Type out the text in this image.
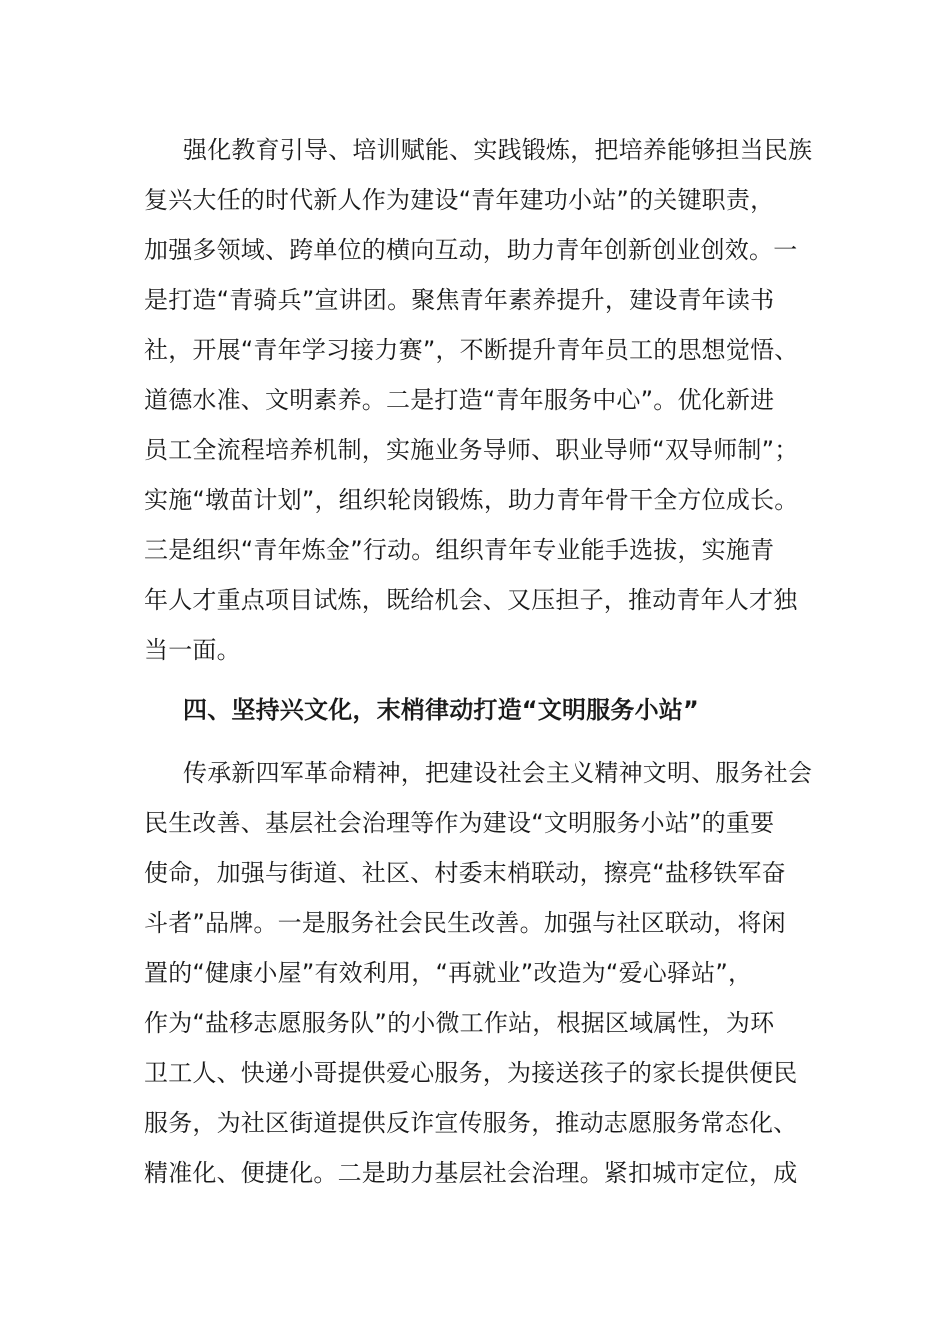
强化教育引导、培训赋能、实践锻炼，把培养能够担当民族
复兴大任的时代新人作为建设“青年建功小站”的关键职责，
加强多领域、跨单位的横向互动，助力青年创新创业创效。一
是打造“青骑兵”宣讲团。聚焦青年素养提升，建设青年读书
社，开展“青年学习接力赛”，不断提升青年员工的思想觉悟、
道德水准、文明素养。二是打造“青年服务中心”。优化新进
员工全流程培养机制，实施业务导师、职业导师“双导师制”；
实施“墩苗计划”，组织轮岗锻炼，助力青年骨干全方位成长。
三是组织“青年炼金”行动。组织青年专业能手选拔，实施青
年人才重点项目试炼，既给机会、又压担子，推动青年人才独
当一面。
四、坚持兴文化，末梢律动打造“文明服务小站”
传承新四军革命精神，把建设社会主义精神文明、服务社会
民生改善、基层社会治理等作为建设“文明服务小站”的重要
使命，加强与街道、社区、村委末梢联动，擦亮“盐移铁军奋
斗者”品牌。一是服务社会民生改善。加强与社区联动，将闲
置的“健康小屋”有效利用，“再就业”改造为“爱心驿站”，
作为“盐移志愿服务队”的小微工作站，根据区域属性，为环
卫工人、快递小哥提供爱心服务，为接送孩子的家长提供便民
服务，为社区街道提供反诈宣传服务，推动志愿服务常态化、
精准化、便捷化。二是助力基层社会治理。紧扣城市定位，成
